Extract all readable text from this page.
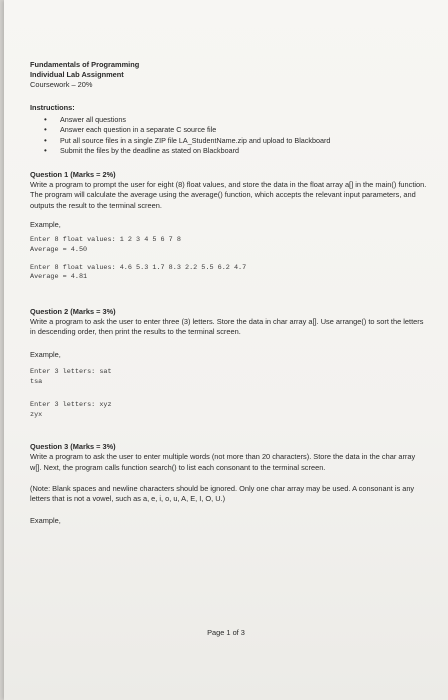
Fundamentals of Programming
Individual Lab Assignment
Coursework – 20%
Instructions:
• Answer all questions
• Answer each question in a separate C source file
• Put all source files in a single ZIP file LA_StudentName.zip and upload to Blackboard
• Submit the files by the deadline as stated on Blackboard
Question 1 (Marks = 2%)

Write a program to prompt the user for eight (8) float values, and store the data in the float array a[] in the main() function. The program will calculate the average using the average() function, which accepts the relevant input parameters, and outputs the result to the terminal screen.

Example,
Enter 8 float values: 1 2 3 4 5 6 7 8
Average = 4.50
Enter 8 float values: 4.6 5.3 1.7 8.3 2.2 5.5 6.2 4.7
Average = 4.81
Question 2 (Marks = 3%)

Write a program to ask the user to enter three (3) letters. Store the data in char array a[]. Use arrange() to sort the letters in descending order, then print the results to the terminal screen.

Example,
Enter 3 letters: sat
tsa
Enter 3 letters: xyz
zyx
Question 3 (Marks = 3%)

Write a program to ask the user to enter multiple words (not more than 20 characters). Store the data in the char array w[]. Next, the program calls function search() to list each consonant to the terminal screen.

(Note: Blank spaces and newline characters should be ignored. Only one char array may be used. A consonant is any letters that is not a vowel, such as a, e, i, o, u, A, E, I, O, U.)

Example,
Page 1 of 3
